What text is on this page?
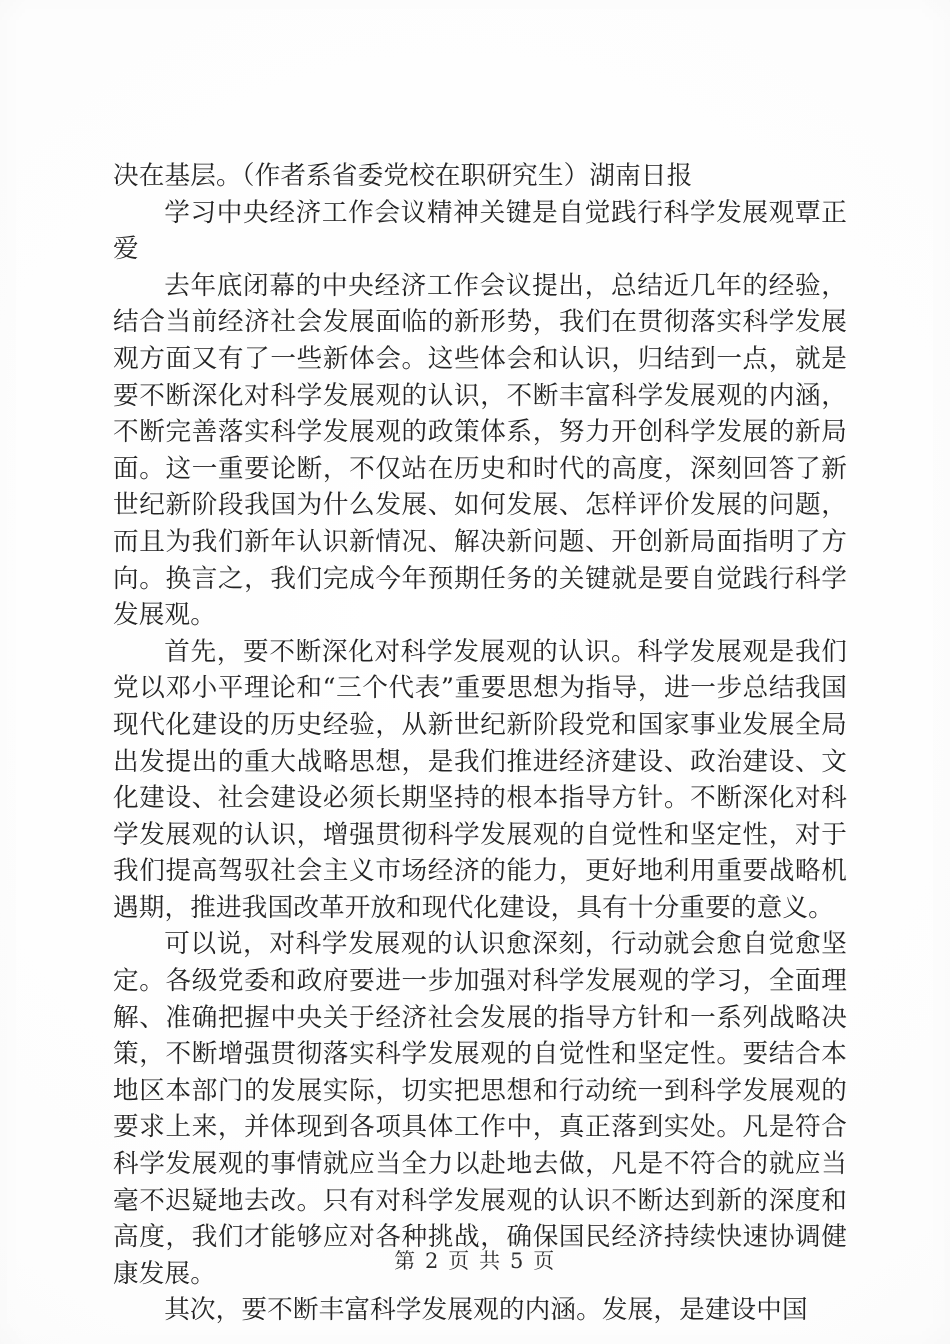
决在基层。（作者系省委党校在职研究生）湖南日报

学习中央经济工作会议精神关键是自觉践行科学发展观覃正爱

去年底闭幕的中央经济工作会议提出，总结近几年的经验，结合当前经济社会发展面临的新形势，我们在贯彻落实科学发展观方面又有了一些新体会。这些体会和认识，归结到一点，就是要不断深化对科学发展观的认识，不断丰富科学发展观的内涵，不断完善落实科学发展观的政策体系，努力开创科学发展的新局面。这一重要论断，不仅站在历史和时代的高度，深刻回答了新世纪新阶段我国为什么发展、如何发展、怎样评价发展的问题，而且为我们新年认识新情况、解决新问题、开创新局面指明了方向。换言之，我们完成今年预期任务的关键就是要自觉践行科学发展观。

首先，要不断深化对科学发展观的认识。科学发展观是我们党以邓小平理论和“三个代表”重要思想为指导，进一步总结我国现代化建设的历史经验，从新世纪新阶段党和国家事业发展全局出发提出的重大战略思想，是我们推进经济建设、政治建设、文化建设、社会建设必须长期坚持的根本指导方针。不断深化对科学发展观的认识，增强贯彻科学发展观的自觉性和坚定性，对于我们提高驾驭社会主义市场经济的能力，更好地利用重要战略机遇期，推进我国改革开放和现代化建设，具有十分重要的意义。

可以说，对科学发展观的认识愈深刻，行动就会愈自觉愈坚定。各级党委和政府要进一步加强对科学发展观的学习，全面理解、准确把握中央关于经济社会发展的指导方针和一系列战略决策，不断增强贯彻落实科学发展观的自觉性和坚定性。要结合本地区本部门的发展实际，切实把思想和行动统一到科学发展观的要求上来，并体现到各项具体工作中，真正落到实处。凡是符合科学发展观的事情就应当全力以赴地去做，凡是不符合的就应当毫不迟疑地去改。只有对科学发展观的认识不断达到新的深度和高度，我们才能够应对各种挑战，确保国民经济持续快速协调健康发展。

其次，要不断丰富科学发展观的内涵。发展，是建设中国

第 2 页 共 5 页
